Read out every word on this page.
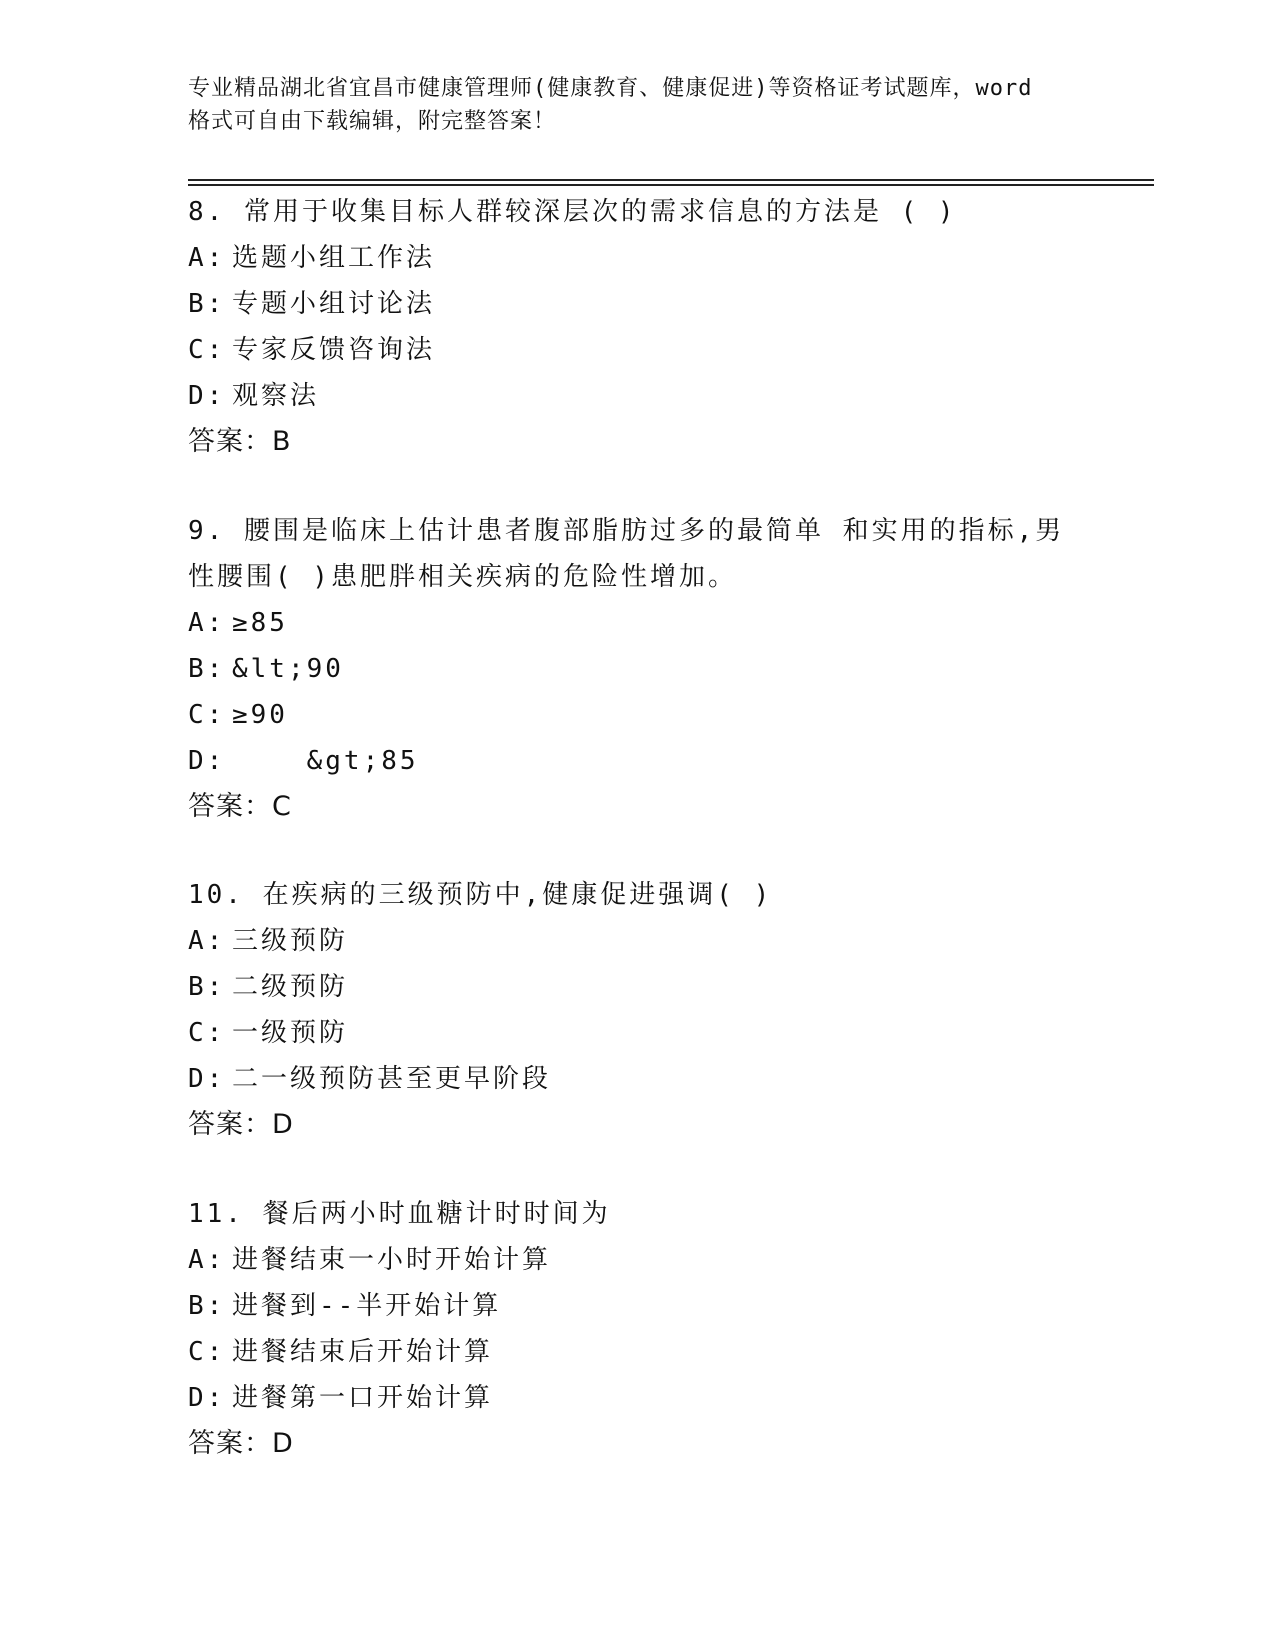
专业精品湖北省宜昌市健康管理师(健康教育、健康促进)等资格证考试题库，word
格式可自由下载编辑，附完整答案！

8. 常用于收集目标人群较深层次的需求信息的方法是 ( )

A: 选题小组工作法
B: 专题小组讨论法
C: 专家反馈咨询法
D: 观察法
答案：B

9. 腰围是临床上估计患者腹部脂肪过多的最简单 和实用的指标,男性腰围( )患肥胖相关疾病的危险性增加。

A: ≥85
B: &lt;90
C: ≥90
D: &gt;85
答案：C

10. 在疾病的三级预防中,健康促进强调( )

A: 三级预防
B: 二级预防
C: 一级预防
D: 二一级预防甚至更早阶段
答案：D

11. 餐后两小时血糖计时时间为

A: 进餐结束一小时开始计算
B: 进餐到--半开始计算
C: 进餐结束后开始计算
D: 进餐第一口开始计算
答案：D
